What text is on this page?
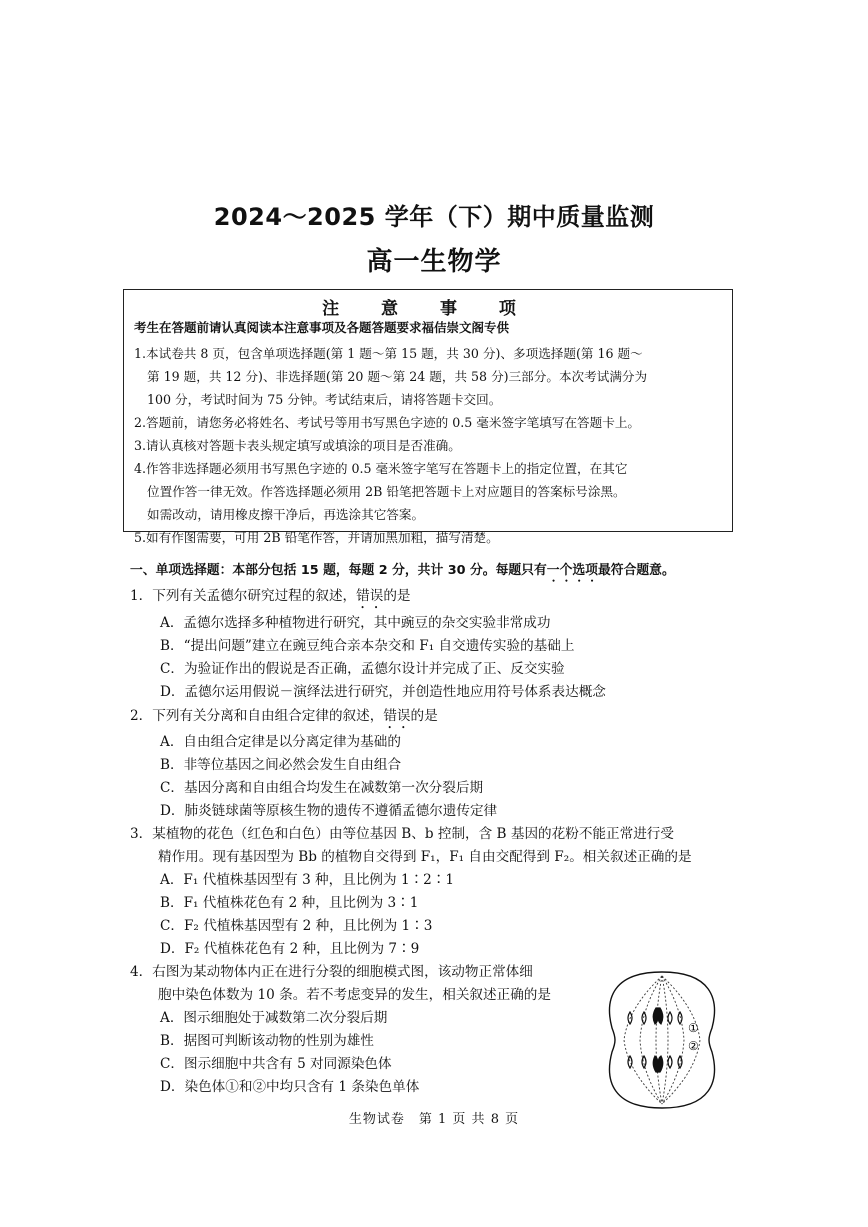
2024～2025 学年（下）期中质量监测
高一生物学
注 意 事 项
考生在答题前请认真阅读本注意事项及各题答题要求福佶崇文阁专供

1.本试卷共 8 页，包含单项选择题(第 1 题～第 15 题，共 30 分)、多项选择题(第 16 题～

第 19 题，共 12 分)、非选择题(第 20 题～第 24 题，共 58 分)三部分。本次考试满分为

100 分，考试时间为 75 分钟。考试结束后，请将答题卡交回。

2.答题前，请您务必将姓名、考试号等用书写黑色字迹的 0.5 毫米签字笔填写在答题卡上。

3.请认真核对答题卡表头规定填写或填涂的项目是否准确。

4.作答非选择题必须用书写黑色字迹的 0.5 毫米签字笔写在答题卡上的指定位置，在其它

位置作答一律无效。作答选择题必须用 2B 铅笔把答题卡上对应题目的答案标号涂黑。

如需改动，请用橡皮擦干净后，再选涂其它答案。

5.如有作图需要，可用 2B 铅笔作答，并请加黑加粗，描写清楚。

一、单项选择题：本部分包括 15 题，每题 2 分，共计 30 分。每题只有一个选项最符合题意。
1．下列有关孟德尔研究过程的叙述，错误的是
A．孟德尔选择多种植物进行研究，其中豌豆的杂交实验非常成功
B．“提出问题”建立在豌豆纯合亲本杂交和 F₁ 自交遗传实验的基础上
C．为验证作出的假说是否正确，孟德尔设计并完成了正、反交实验
D．孟德尔运用假说－演绎法进行研究，并创造性地应用符号体系表达概念
2．下列有关分离和自由组合定律的叙述，错误的是
A．自由组合定律是以分离定律为基础的
B．非等位基因之间必然会发生自由组合
C．基因分离和自由组合均发生在减数第一次分裂后期
D．肺炎链球菌等原核生物的遗传不遵循孟德尔遗传定律
3．某植物的花色（红色和白色）由等位基因 B、b 控制，含 B 基因的花粉不能正常进行受
精作用。现有基因型为 Bb 的植物自交得到 F₁，F₁ 自由交配得到 F₂。相关叙述正确的是
A．F₁ 代植株基因型有 3 种，且比例为 1∶2∶1
B．F₁ 代植株花色有 2 种，且比例为 3∶1
C．F₂ 代植株基因型有 2 种，且比例为 1∶3
D．F₂ 代植株花色有 2 种，且比例为 7∶9
4．右图为某动物体内正在进行分裂的细胞模式图，该动物正常体细
胞中染色体数为 10 条。若不考虑变异的发生，相关叙述正确的是
A．图示细胞处于减数第二次分裂后期
B．据图可判断该动物的性别为雄性
C．图示细胞中共含有 5 对同源染色体
D．染色体①和②中均只含有 1 条染色单体
①
②
生物试卷　第 1 页 共 8 页
